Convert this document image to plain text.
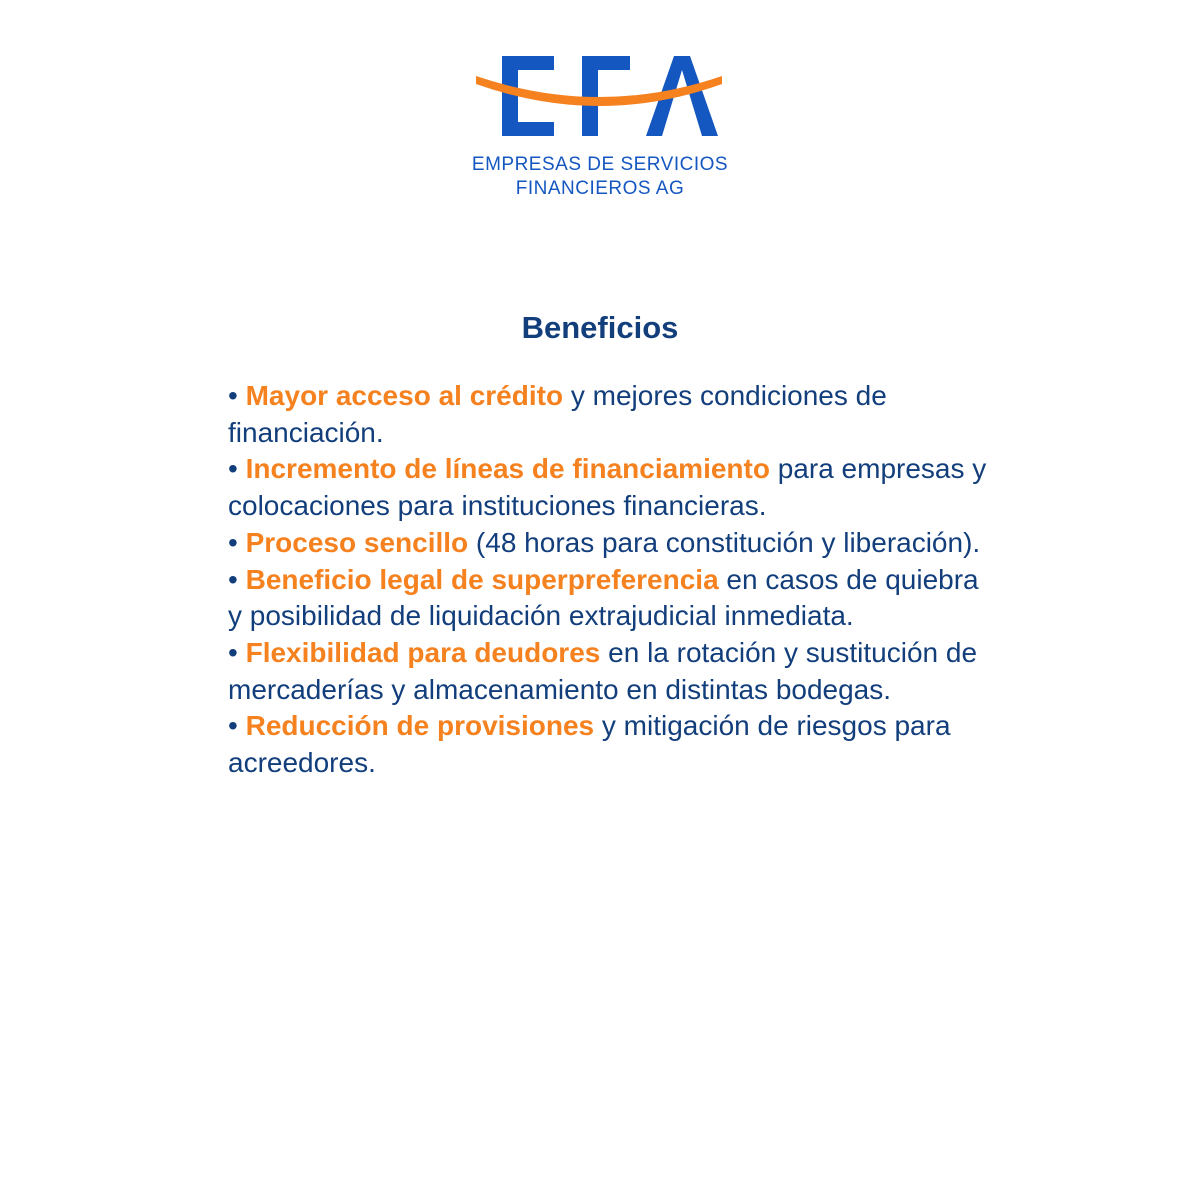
EMPRESAS DE SERVICIOS
FINANCIEROS AG
Beneficios

• Mayor acceso al crédito y mejores condiciones de financiación.

• Incremento de líneas de financiamiento para empresas y colocaciones para instituciones financieras.

• Proceso sencillo (48 horas para constitución y liberación).

• Beneficio legal de superpreferencia en casos de quiebra y posibilidad de liquidación extrajudicial inmediata.

• Flexibilidad para deudores en la rotación y sustitución de mercaderías y almacenamiento en distintas bodegas.

• Reducción de provisiones y mitigación de riesgos para acreedores.
